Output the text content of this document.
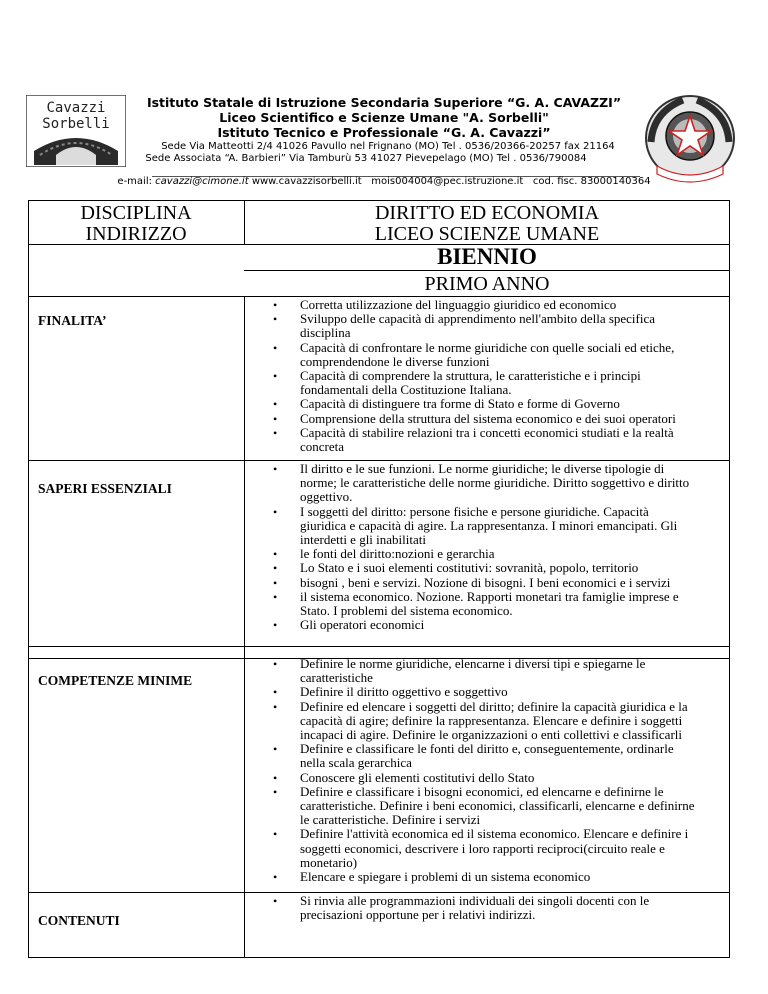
Cavazzi
Sorbelli
Istituto Statale di Istruzione Secondaria Superiore “G. A. CAVAZZI”
Liceo Scientifico e Scienze Umane "A. Sorbelli"
Istituto Tecnico e Professionale “G. A. Cavazzi”
Sede Via Matteotti 2/4 41026 Pavullo nel Frignano (MO) Tel . 0536/20366-20257 fax 21164
Sede Associata “A. Barbieri” Via Tamburù 53 41027 Pievepelago (MO) Tel . 0536/790084
e-mail: cavazzi@cimone.it www.cavazzisorbelli.it mois004004@pec.istruzione.it cod. fisc. 83000140364
DISCIPLINA
INDIRIZZO
DIRITTO ED ECONOMIA
LICEO SCIENZE UMANE
BIENNIO
PRIMO ANNO
FINALITA’
SAPERI ESSENZIALI
COMPETENZE MINIME
CONTENUTI
• Corretta utilizzazione del linguaggio giuridico ed economico
• Sviluppo delle capacità di apprendimento nell'ambito della specifica disciplina
• Capacità di confrontare le norme giuridiche con quelle sociali ed etiche, comprendendone le diverse funzioni
• Capacità di comprendere la struttura, le caratteristiche e i principi fondamentali della Costituzione Italiana.
• Capacità di distinguere tra forme di Stato e forme di Governo
• Comprensione della struttura del sistema economico e dei suoi operatori
• Capacità di stabilire relazioni tra i concetti economici studiati e la realtà concreta
• Il diritto e le sue funzioni. Le norme giuridiche; le diverse tipologie di norme; le caratteristiche delle norme giuridiche. Diritto soggettivo e diritto oggettivo.
• I soggetti del diritto: persone fisiche e persone giuridiche. Capacità giuridica e capacità di agire. La rappresentanza. I minori emancipati. Gli interdetti e gli inabilitati
• le fonti del diritto:nozioni e gerarchia
• Lo Stato e i suoi elementi costitutivi: sovranità, popolo, territorio
• bisogni , beni e servizi. Nozione di bisogni. I beni economici e i servizi
• il sistema economico. Nozione. Rapporti monetari tra famiglie imprese e Stato. I problemi del sistema economico.
• Gli operatori economici
• Definire le norme giuridiche, elencarne i diversi tipi e spiegarne le caratteristiche
• Definire il diritto oggettivo e soggettivo
• Definire ed elencare i soggetti del diritto; definire la capacità giuridica e la capacità di agire; definire la rappresentanza. Elencare e definire i soggetti incapaci di agire. Definire le organizzazioni o enti collettivi e classificarli
• Definire e classificare le fonti del diritto e, conseguentemente, ordinarle nella scala gerarchica
• Conoscere gli elementi costitutivi dello Stato
• Definire e classificare i bisogni economici, ed elencarne e definirne le caratteristiche. Definire i beni economici, classificarli, elencarne e definirne le caratteristiche. Definire i servizi
• Definire l'attività economica ed il sistema economico. Elencare e definire i soggetti economici, descrivere i loro rapporti reciproci(circuito reale e monetario)
• Elencare e spiegare i problemi di un sistema economico
• Si rinvia alle programmazioni individuali dei singoli docenti con le precisazioni opportune per i relativi indirizzi.
